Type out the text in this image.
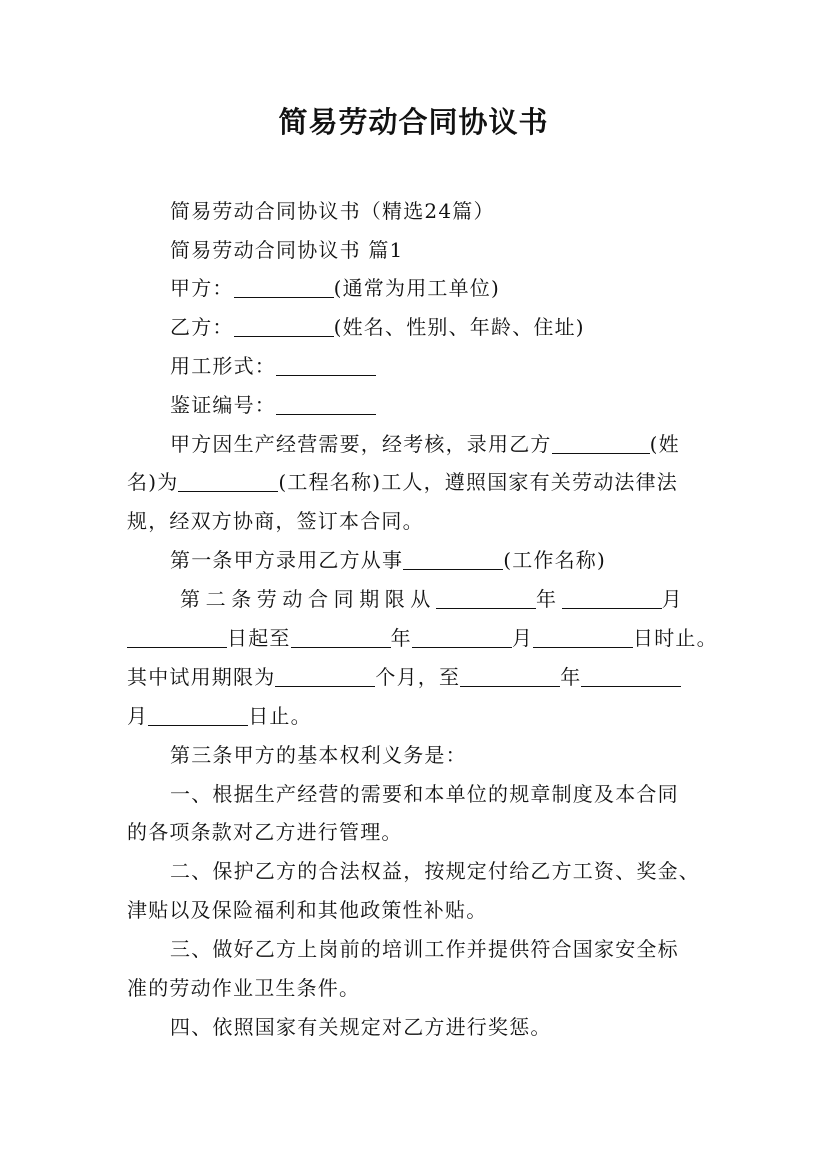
简易劳动合同协议书
简易劳动合同协议书（精选24篇）
简易劳动合同协议书 篇1
甲方：	(通常为用工单位)
乙方：	(姓名、性别、年龄、住址)
用工形式：
鉴证编号：
甲方因生产经营需要，经考核，录用乙方	(姓
名)为	(工程名称)工人，遵照国家有关劳动法律法
规，经双方协商，签订本合同。
第一条甲方录用乙方从事	(工作名称)
第二条劳动合同期限从	年	月
日起至	年	月	日时止。
其中试用期限为	个月，至	年
月	日止。
第三条甲方的基本权利义务是：
一、根据生产经营的需要和本单位的规章制度及本合同
的各项条款对乙方进行管理。
二、保护乙方的合法权益，按规定付给乙方工资、奖金、
津贴以及保险福利和其他政策性补贴。
三、做好乙方上岗前的培训工作并提供符合国家安全标
准的劳动作业卫生条件。
四、依照国家有关规定对乙方进行奖惩。
